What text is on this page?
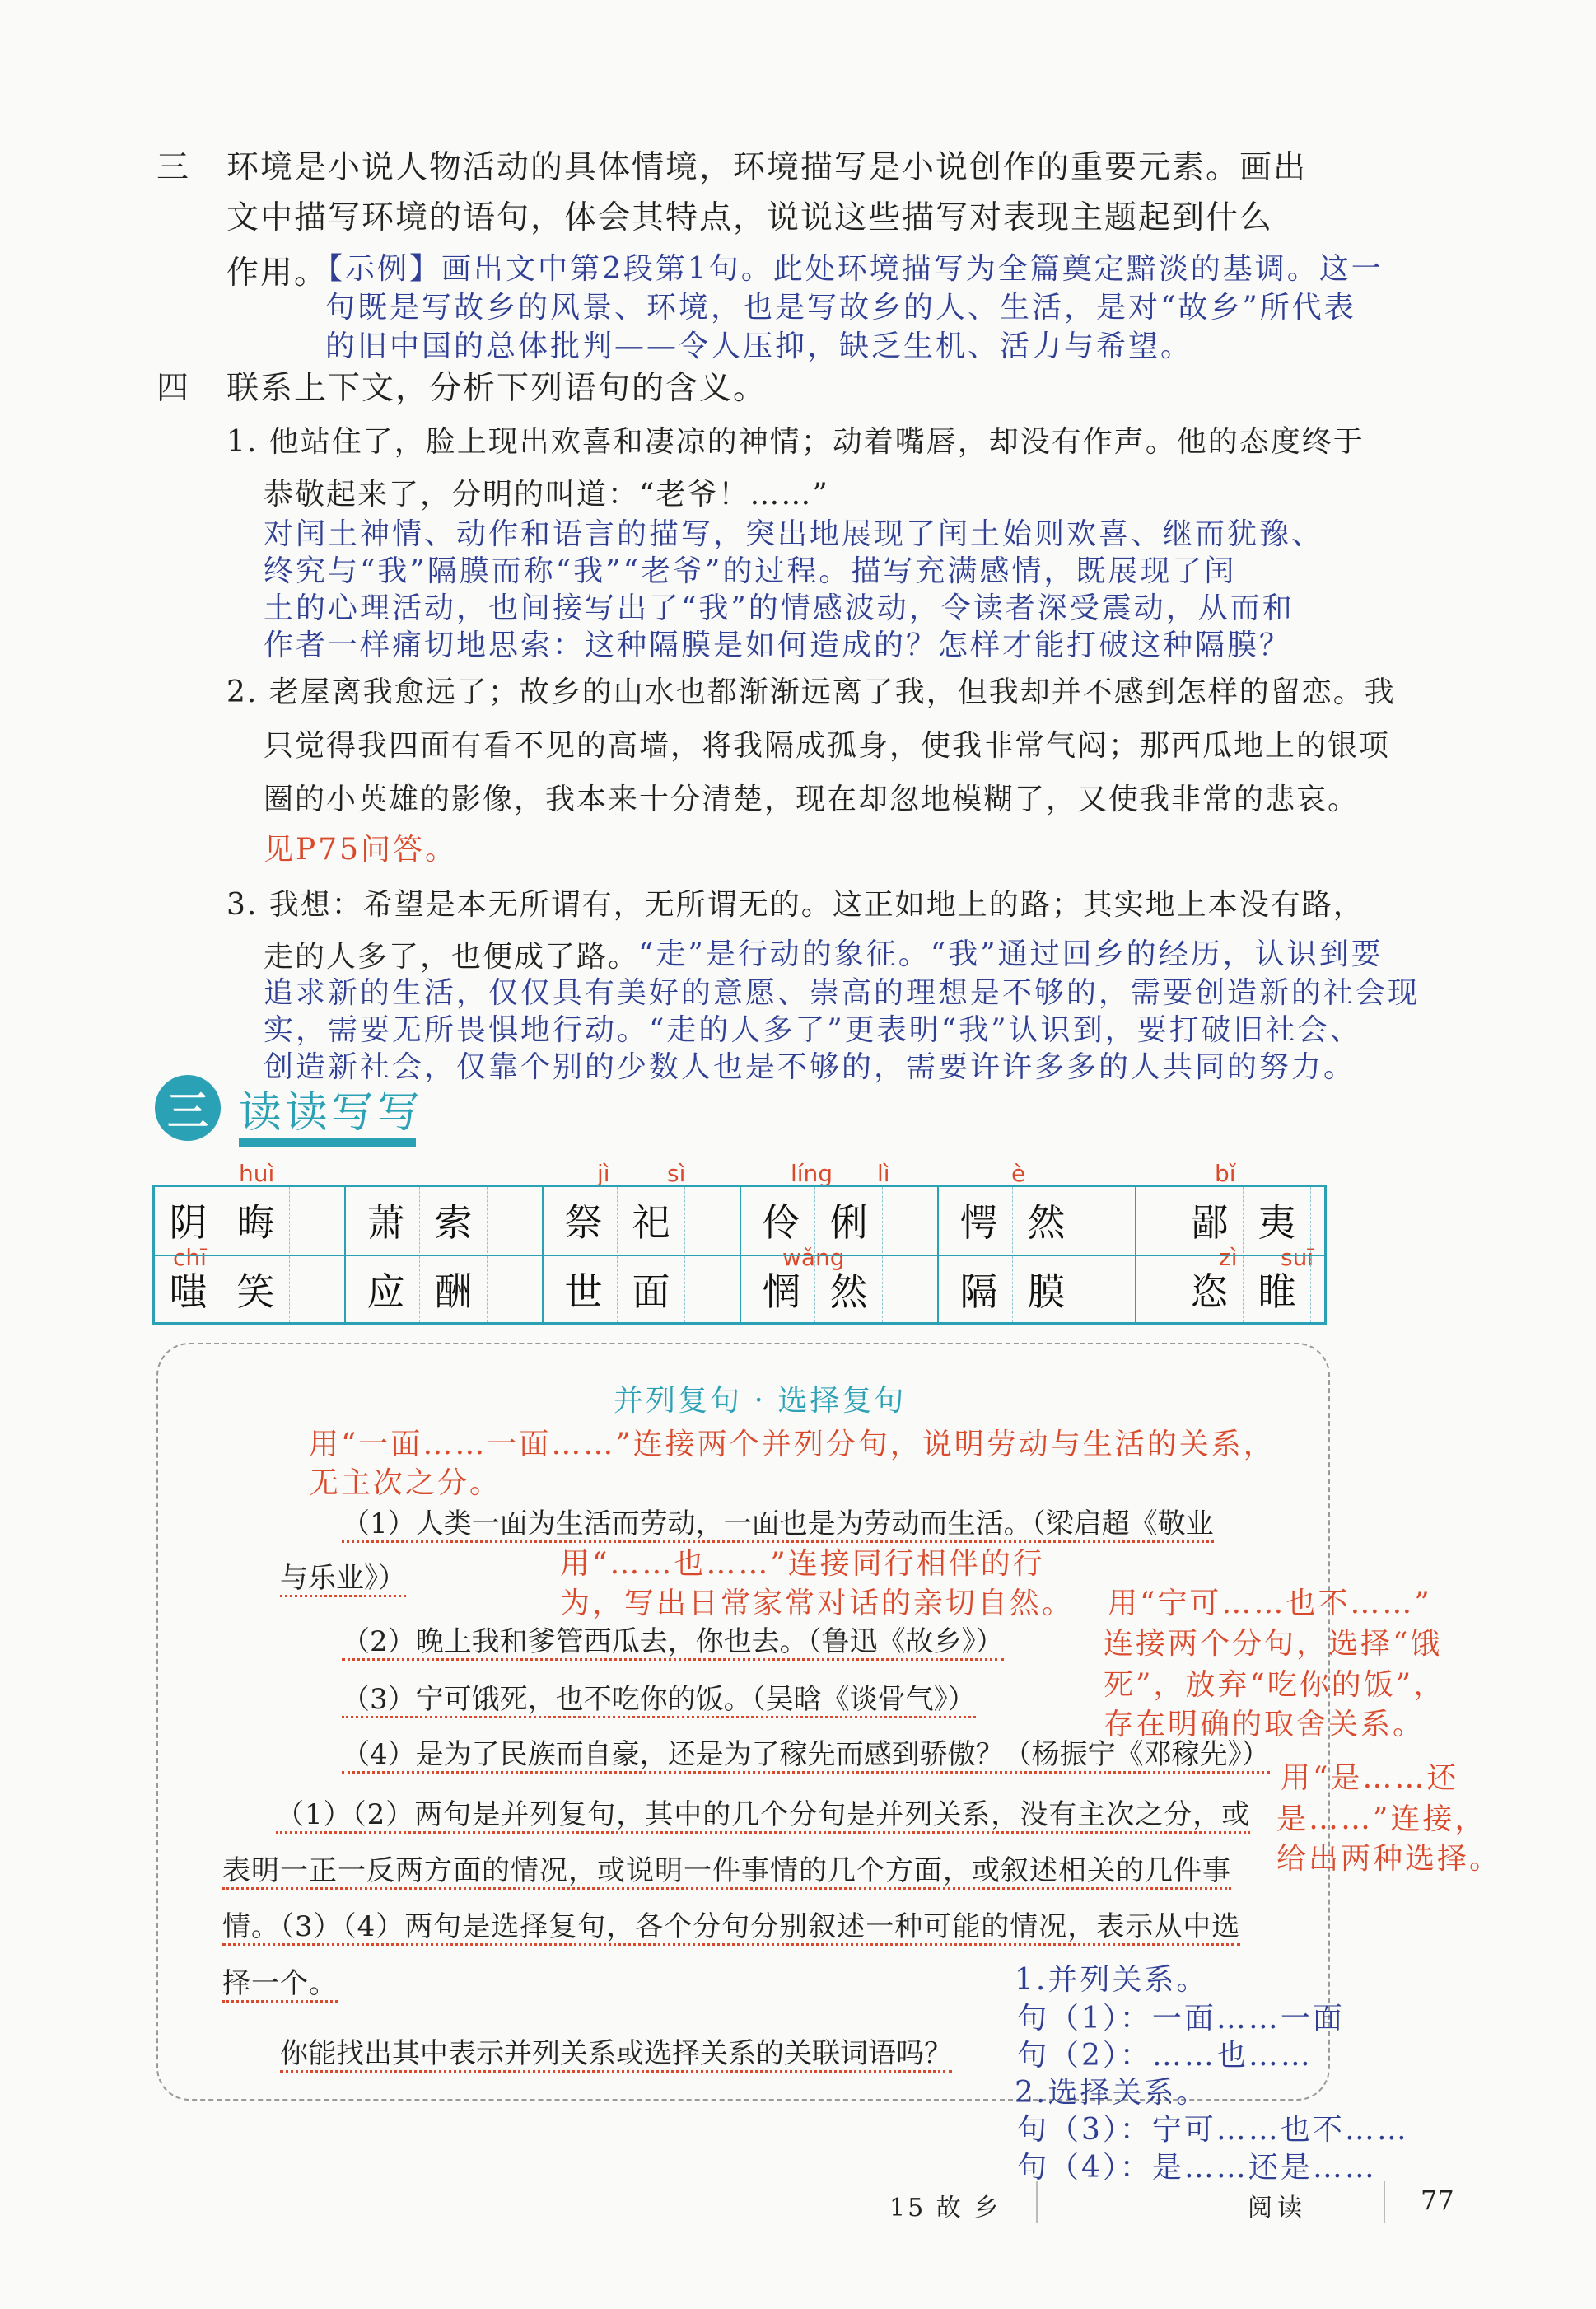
三 环境是小说人物活动的具体情境，环境描写是小说创作的重要元素。画出
文中描写环境的语句，体会其特点，说说这些描写对表现主题起到什么
作用。
【示例】画出文中第2段第1句。此处环境描写为全篇奠定黯淡的基调。这一
句既是写故乡的风景、环境，也是写故乡的人、生活，是对“故乡”所代表
的旧中国的总体批判——令人压抑，缺乏生机、活力与希望。
四 联系上下文，分析下列语句的含义。
1. 他站住了，脸上现出欢喜和凄凉的神情；动着嘴唇，却没有作声。他的态度终于
恭敬起来了，分明的叫道：“老爷！……”
对闰土神情、动作和语言的描写，突出地展现了闰土始则欢喜、继而犹豫、
终究与“我”隔膜而称“我”“老爷”的过程。描写充满感情，既展现了闰
土的心理活动，也间接写出了“我”的情感波动，令读者深受震动，从而和
作者一样痛切地思索：这种隔膜是如何造成的？怎样才能打破这种隔膜？
2. 老屋离我愈远了；故乡的山水也都渐渐远离了我，但我却并不感到怎样的留恋。我
只觉得我四面有看不见的高墙，将我隔成孤身，使我非常气闷；那西瓜地上的银项
圈的小英雄的影像，我本来十分清楚，现在却忽地模糊了，又使我非常的悲哀。
见P75问答。
3. 我想：希望是本无所谓有，无所谓无的。这正如地上的路；其实地上本没有路，
走的人多了，也便成了路。
“走”是行动的象征。“我”通过回乡的经历，认识到要
追求新的生活，仅仅具有美好的意愿、崇高的理想是不够的，需要创造新的社会现
实，需要无所畏惧地行动。“走的人多了”更表明“我”认识到，要打破旧社会、
创造新社会，仅靠个别的少数人也是不够的，需要许许多多的人共同的努力。
三 读读写写
huì	jì sì	líng lì	è	bǐ
chī	wǎng	zì suī
阴 晦	萧 索	祭 祀	伶 俐	愕 然	鄙 夷
嗤 笑	应 酬	世 面	惘 然	隔 膜	恣 睢
并列复句 · 选择复句
用“一面……一面……”连接两个并列分句，说明劳动与生活的关系，
无主次之分。
（1）人类一面为生活而劳动，一面也是为劳动而生活。（梁启超《敬业
与乐业》）	用“……也……”连接同行相伴的行
为，写出日常家常对话的亲切自然。
（2）晚上我和爹管西瓜去，你也去。（鲁迅《故乡》）
（3）宁可饿死，也不吃你的饭。（吴晗《谈骨气》）
（4）是为了民族而自豪，还是为了稼先而感到骄傲？（杨振宁《邓稼先》）
用“宁可……也不……”
连接两个分句，选择“饿
死”，放弃“吃你的饭”，
存在明确的取舍关系。
用“是……还
是……”连接，
给出两种选择。
（1）（2）两句是并列复句，其中的几个分句是并列关系，没有主次之分，或
表明一正一反两方面的情况，或说明一件事情的几个方面，或叙述相关的几件事
情。（3）（4）两句是选择复句，各个分句分别叙述一种可能的情况，表示从中选
择一个。
你能找出其中表示并列关系或选择关系的关联词语吗？
1.并列关系。
句（1）：一面……一面
句（2）：……也……
2.选择关系。
句（3）：宁可……也不……
句（4）：是……还是……
15 故 乡	阅读	77
